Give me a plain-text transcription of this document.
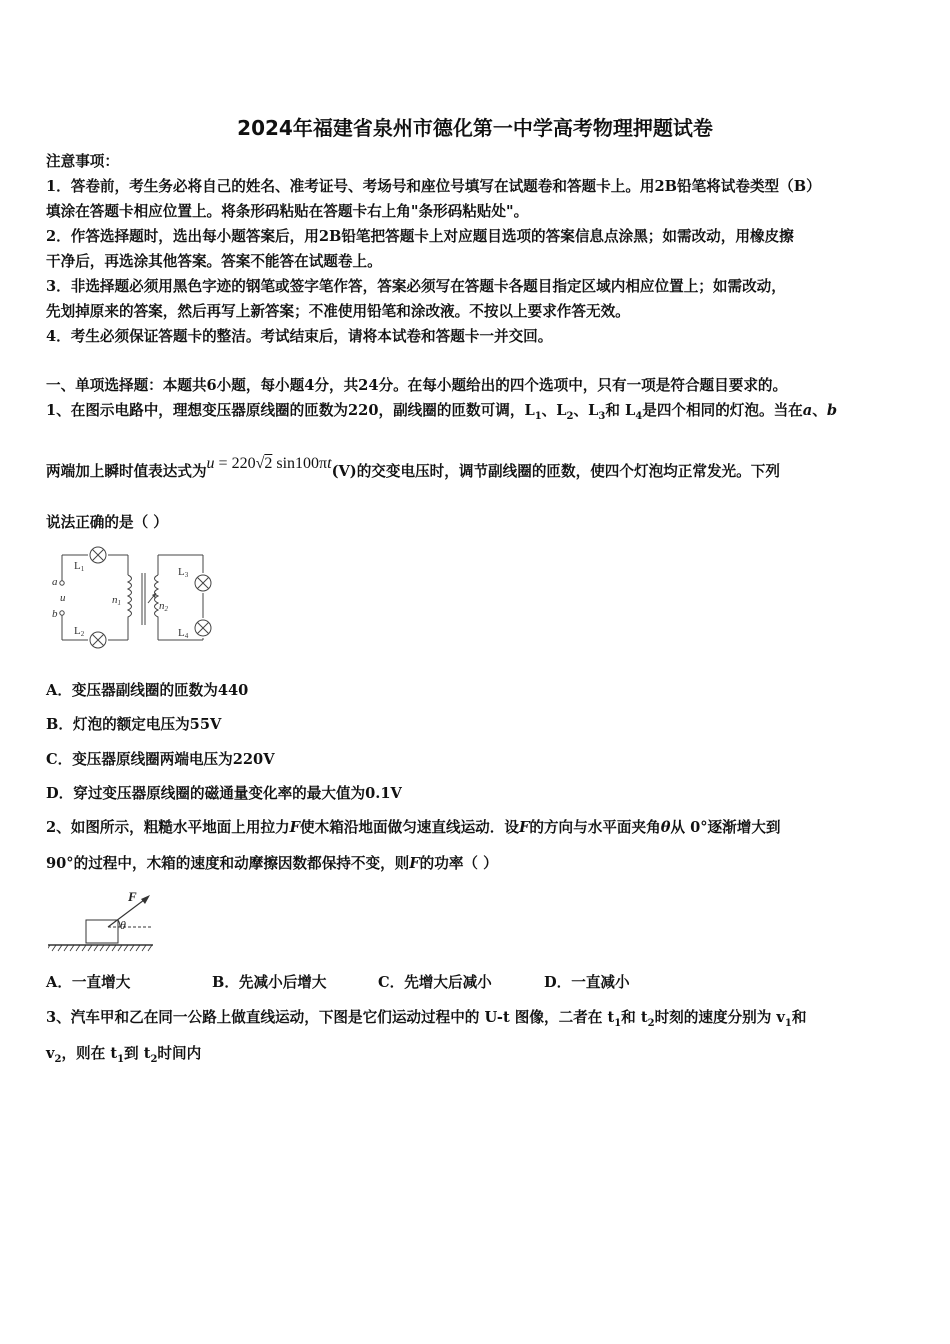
2024年福建省泉州市德化第一中学高考物理押题试卷
注意事项：
1．答卷前，考生务必将自己的姓名、准考证号、考场号和座位号填写在试题卷和答题卡上。用2B铅笔将试卷类型（B）
填涂在答题卡相应位置上。将条形码粘贴在答题卡右上角"条形码粘贴处"。
2．作答选择题时，选出每小题答案后，用2B铅笔把答题卡上对应题目选项的答案信息点涂黑；如需改动，用橡皮擦
干净后，再选涂其他答案。答案不能答在试题卷上。
3．非选择题必须用黑色字迹的钢笔或签字笔作答，答案必须写在答题卡各题目指定区域内相应位置上；如需改动，
先划掉原来的答案，然后再写上新答案；不准使用铅笔和涂改液。不按以上要求作答无效。
4．考生必须保证答题卡的整洁。考试结束后，请将本试卷和答题卡一并交回。
一、单项选择题：本题共6小题，每小题4分，共24分。在每小题给出的四个选项中，只有一项是符合题目要求的。
1、在图示电路中，理想变压器原线圈的匝数为220，副线圈的匝数可调，$L_1$、$L_2$、$L_3$和 $L_4$是四个相同的灯泡。当在a、b
两端加上瞬时值表达式为u = 220√2 sin100πt(V)的交变电压时，调节副线圈的匝数，使四个灯泡均正常发光。下列
说法正确的是（ ）
L1
L2
L3
L4
a
u
b
n1	n2
A．变压器副线圈的匝数为440
B．灯泡的额定电压为55V
C．变压器原线圈两端电压为220V
D．穿过变压器原线圈的磁通量变化率的最大值为0.1V
2、如图所示，粗糙水平地面上用拉力F使木箱沿地面做匀速直线运动．设F的方向与水平面夹角θ从 0°逐渐增大到
90°的过程中，木箱的速度和动摩擦因数都保持不变，则F的功率（ ）
F
θ
A．一直增大	B．先减小后增大	C．先增大后减小	D．一直减小
3、汽车甲和乙在同一公路上做直线运动，下图是它们运动过程中的 U-t 图像，二者在 $t_1$和 $t_2$时刻的速度分别为 $v_1$和
$v_2$，则在 $t_1$到 $t_2$时间内
